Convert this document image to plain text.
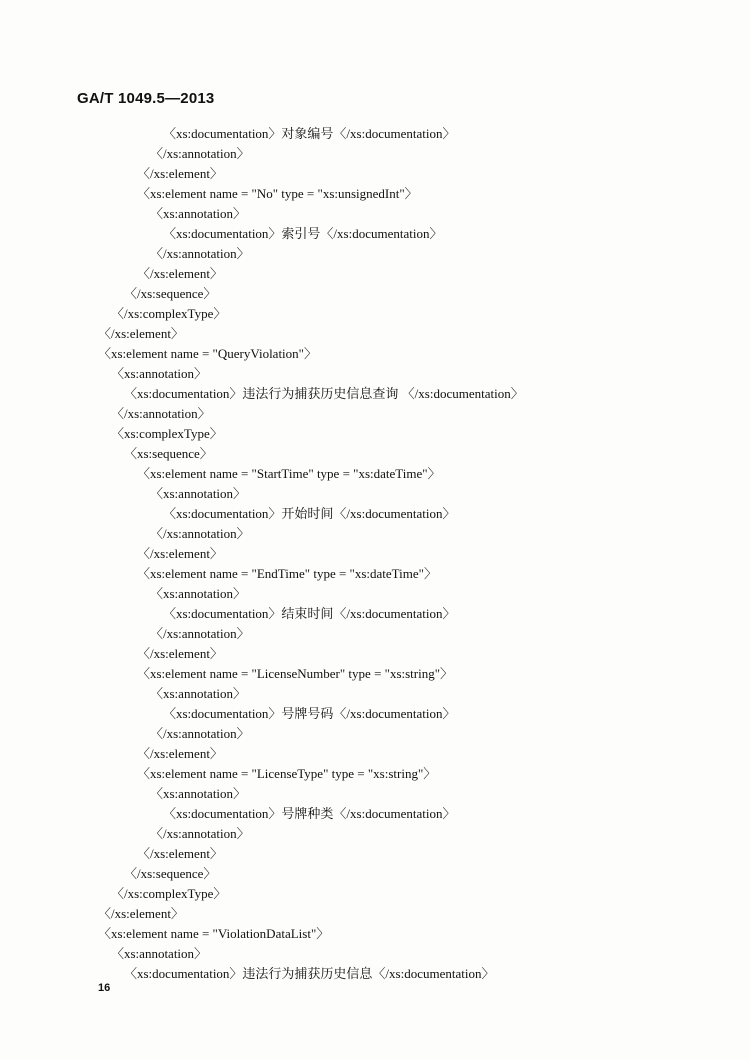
GA/T 1049.5—2013
〈xs:documentation〉对象编号〈/xs:documentation〉
〈/xs:annotation〉
〈/xs:element〉
〈xs:element name = "No" type = "xs:unsignedInt"〉
〈xs:annotation〉
〈xs:documentation〉索引号〈/xs:documentation〉
〈/xs:annotation〉
〈/xs:element〉
〈/xs:sequence〉
〈/xs:complexType〉
〈/xs:element〉
〈xs:element name = "QueryViolation"〉
〈xs:annotation〉
〈xs:documentation〉违法行为捕获历史信息查询 〈/xs:documentation〉
〈/xs:annotation〉
〈xs:complexType〉
〈xs:sequence〉
〈xs:element name = "StartTime" type = "xs:dateTime"〉
〈xs:annotation〉
〈xs:documentation〉开始时间〈/xs:documentation〉
〈/xs:annotation〉
〈/xs:element〉
〈xs:element name = "EndTime" type = "xs:dateTime"〉
〈xs:annotation〉
〈xs:documentation〉结束时间〈/xs:documentation〉
〈/xs:annotation〉
〈/xs:element〉
〈xs:element name = "LicenseNumber" type = "xs:string"〉
〈xs:annotation〉
〈xs:documentation〉号牌号码〈/xs:documentation〉
〈/xs:annotation〉
〈/xs:element〉
〈xs:element name = "LicenseType" type = "xs:string"〉
〈xs:annotation〉
〈xs:documentation〉号牌种类〈/xs:documentation〉
〈/xs:annotation〉
〈/xs:element〉
〈/xs:sequence〉
〈/xs:complexType〉
〈/xs:element〉
〈xs:element name = "ViolationDataList"〉
〈xs:annotation〉
〈xs:documentation〉违法行为捕获历史信息〈/xs:documentation〉
16
